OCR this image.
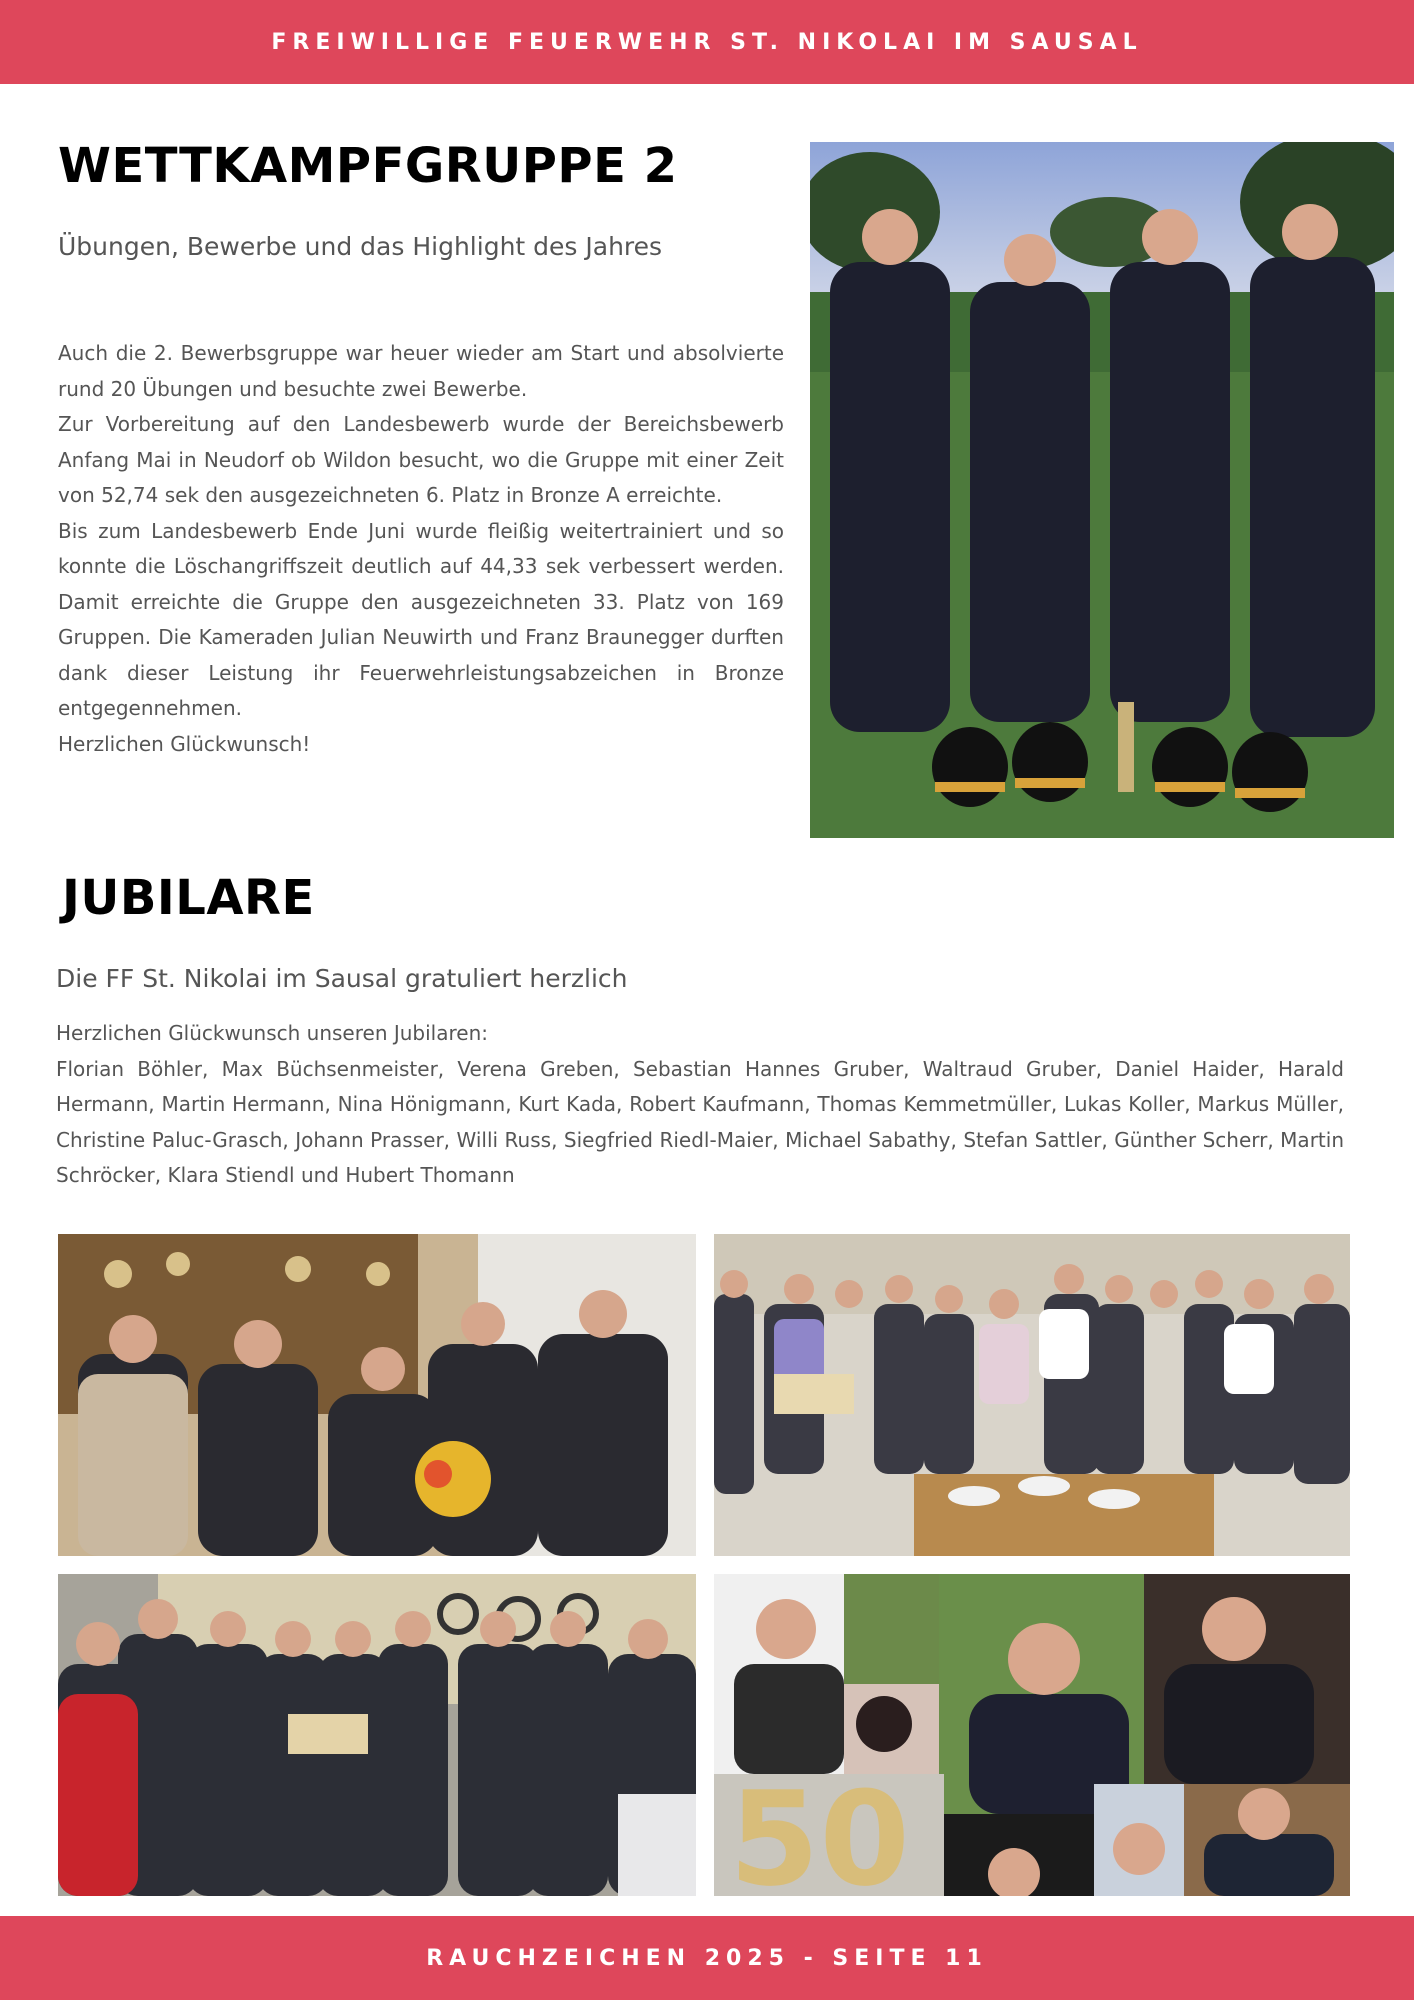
FREIWILLIGE FEUERWEHR ST. NIKOLAI IM SAUSAL
WETTKAMPFGRUPPE 2
Übungen, Bewerbe und das Highlight des Jahres

Auch die 2. Bewerbsgruppe war heuer wieder am Start und absolvierte rund 20 Übungen und besuchte zwei Bewerbe.

Zur Vorbereitung auf den Landesbewerb wurde der Bereichsbewerb Anfang Mai in Neudorf ob Wildon besucht, wo die Gruppe mit einer Zeit von 52,74 sek den ausgezeichneten 6. Platz in Bronze A erreichte.

Bis zum Landesbewerb Ende Juni wurde fleißig weitertrainiert und so konnte die Löschangriffszeit deutlich auf 44,33 sek verbessert werden. Damit erreichte die Gruppe den ausgezeichneten 33. Platz von 169 Gruppen. Die Kameraden Julian Neuwirth und Franz Braunegger durften dank dieser Leistung ihr Feuerwehrleistungsabzeichen in Bronze entgegennehmen.

Herzlichen Glückwunsch!

JUBILARE
Die FF St. Nikolai im Sausal gratuliert herzlich

Herzlichen Glückwunsch unseren Jubilaren:

Florian Böhler, Max Büchsenmeister, Verena Greben, Sebastian Hannes Gruber, Waltraud Gruber, Daniel Haider, Harald Hermann, Martin Hermann, Nina Hönigmann, Kurt Kada, Robert Kaufmann, Thomas Kemmetmüller, Lukas Koller, Markus Müller, Christine Paluc-Grasch, Johann Prasser, Willi Russ, Siegfried Riedl-Maier, Michael Sabathy, Stefan Sattler, Günther Scherr, Martin Schröcker, Klara Stiendl und Hubert Thomann

50
RAUCHZEICHEN 2025 - SEITE 11
